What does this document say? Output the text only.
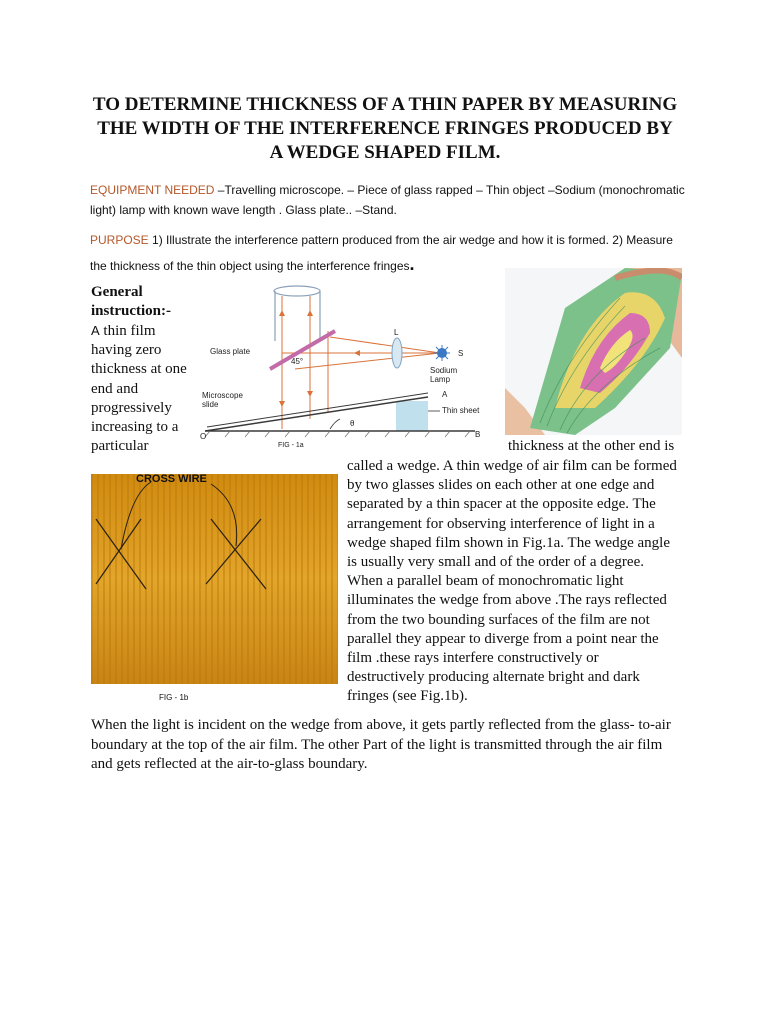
TO DETERMINE THICKNESS OF A THIN PAPER BY MEASURING THE WIDTH OF THE INTERFERENCE FRINGES PRODUCED BY A WEDGE SHAPED FILM.
EQUIPMENT NEEDED –Travelling microscope. – Piece of glass rapped – Thin object –Sodium (monochromatic light) lamp with known wave length . Glass plate.. –Stand.
PURPOSE 1) Illustrate the interference pattern produced from the air wedge and how it is formed. 2) Measure the thickness of the thin object using the interference fringes.
General instruction:-
A thin film having zero thickness at one end and progressively increasing to a particular
Glass plate
45°
L
S
Sodium
Lamp
Microscope
slide
A
B
O
θ
Thin sheet
FIG - 1a
CROSS WIRE
FIG - 1b
thickness at the other end is
called a wedge. A thin wedge of air film can be formed by two glasses slides on each other at one edge and separated by a thin spacer at the opposite edge. The arrangement for observing interference of light in a wedge shaped film shown in Fig.1a. The wedge angle is usually very small and of the order of a degree. When a parallel beam of monochromatic light illuminates the wedge from above .The rays reflected from the two bounding surfaces of the film are not parallel they appear to diverge from a point near the film .these rays interfere constructively or destructively producing alternate bright and dark fringes (see Fig.1b).
When the light is incident on the wedge from above, it gets partly reflected from the glass- to-air boundary at the top of the air film. The other Part of the light is transmitted through the air film and gets reflected at the air-to-glass boundary.
